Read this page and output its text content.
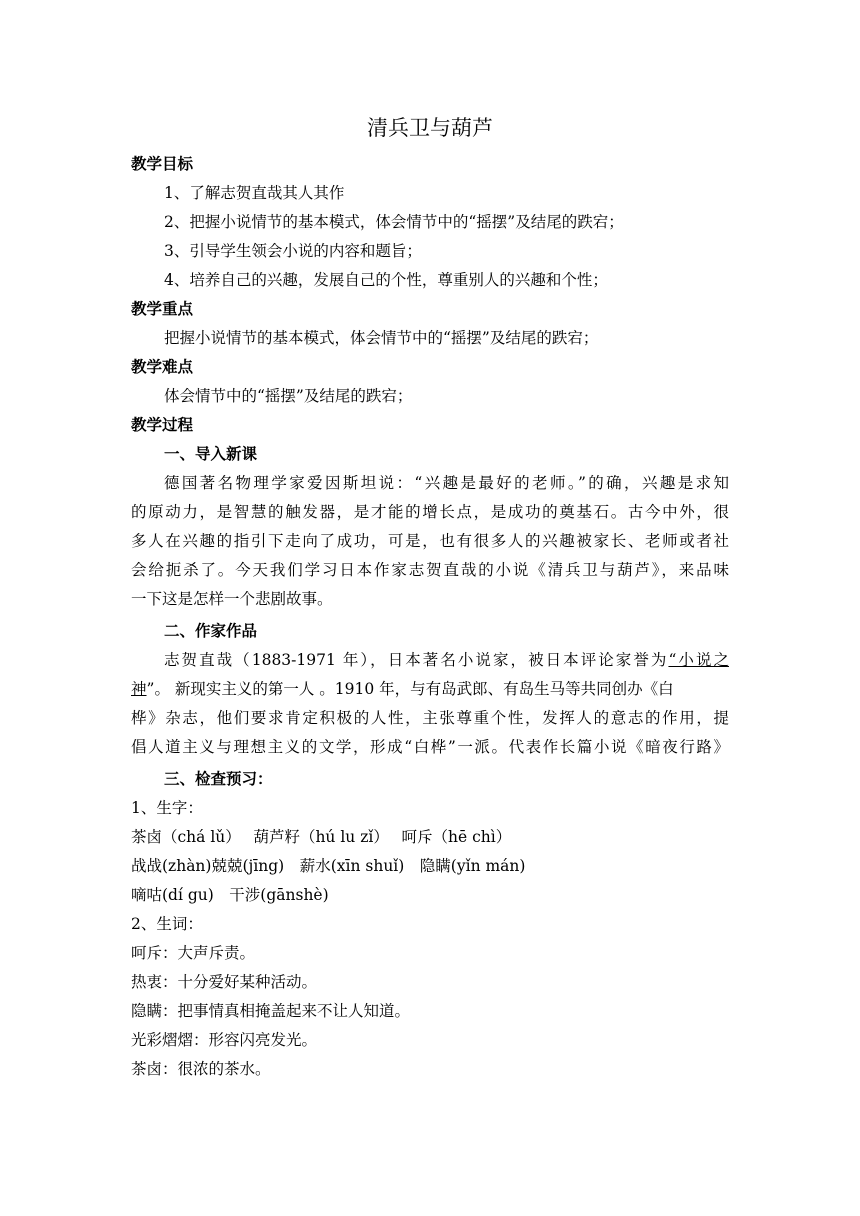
清兵卫与葫芦
教学目标
1、了解志贺直哉其人其作
2、把握小说情节的基本模式，体会情节中的“摇摆”及结尾的跌宕；
3、引导学生领会小说的内容和题旨；
4、培养自己的兴趣，发展自己的个性，尊重别人的兴趣和个性；
教学重点
把握小说情节的基本模式，体会情节中的“摇摆”及结尾的跌宕；
教学难点
体会情节中的“摇摆”及结尾的跌宕；
教学过程
一、导入新课
德国著名物理学家爱因斯坦说：“兴趣是最好的老师。”的确，兴趣是求知
的原动力，是智慧的触发器，是才能的增长点，是成功的奠基石。古今中外，很
多人在兴趣的指引下走向了成功，可是，也有很多人的兴趣被家长、老师或者社
会给扼杀了。今天我们学习日本作家志贺直哉的小说《清兵卫与葫芦》，来品味
一下这是怎样一个悲剧故事。
二、作家作品
志贺直哉（1883-1971 年），日本著名小说家，被日本评论家誉为“小说之
神”。 新现实主义的第一人 。1910 年，与有岛武郎、有岛生马等共同创办《白
桦》杂志，他们要求肯定积极的人性，主张尊重个性，发挥人的意志的作用，提
倡人道主义与理想主义的文学，形成“白桦”一派。代表作长篇小说《暗夜行路》
三、检查预习：
1、生字：
茶卤（chá lǔ）　 葫芦籽（hú lu zǐ）　 呵斥（hē chì）
战战(zhàn)兢兢(jīng)　薪水(xīn shuǐ)　隐瞒(yǐn mán)
嘀咕(dí gu)　干涉(gānshè)
2、生词：
呵斥：大声斥责。
热衷：十分爱好某种活动。
隐瞒：把事情真相掩盖起来不让人知道。
光彩熠熠：形容闪亮发光。
茶卤：很浓的茶水。
